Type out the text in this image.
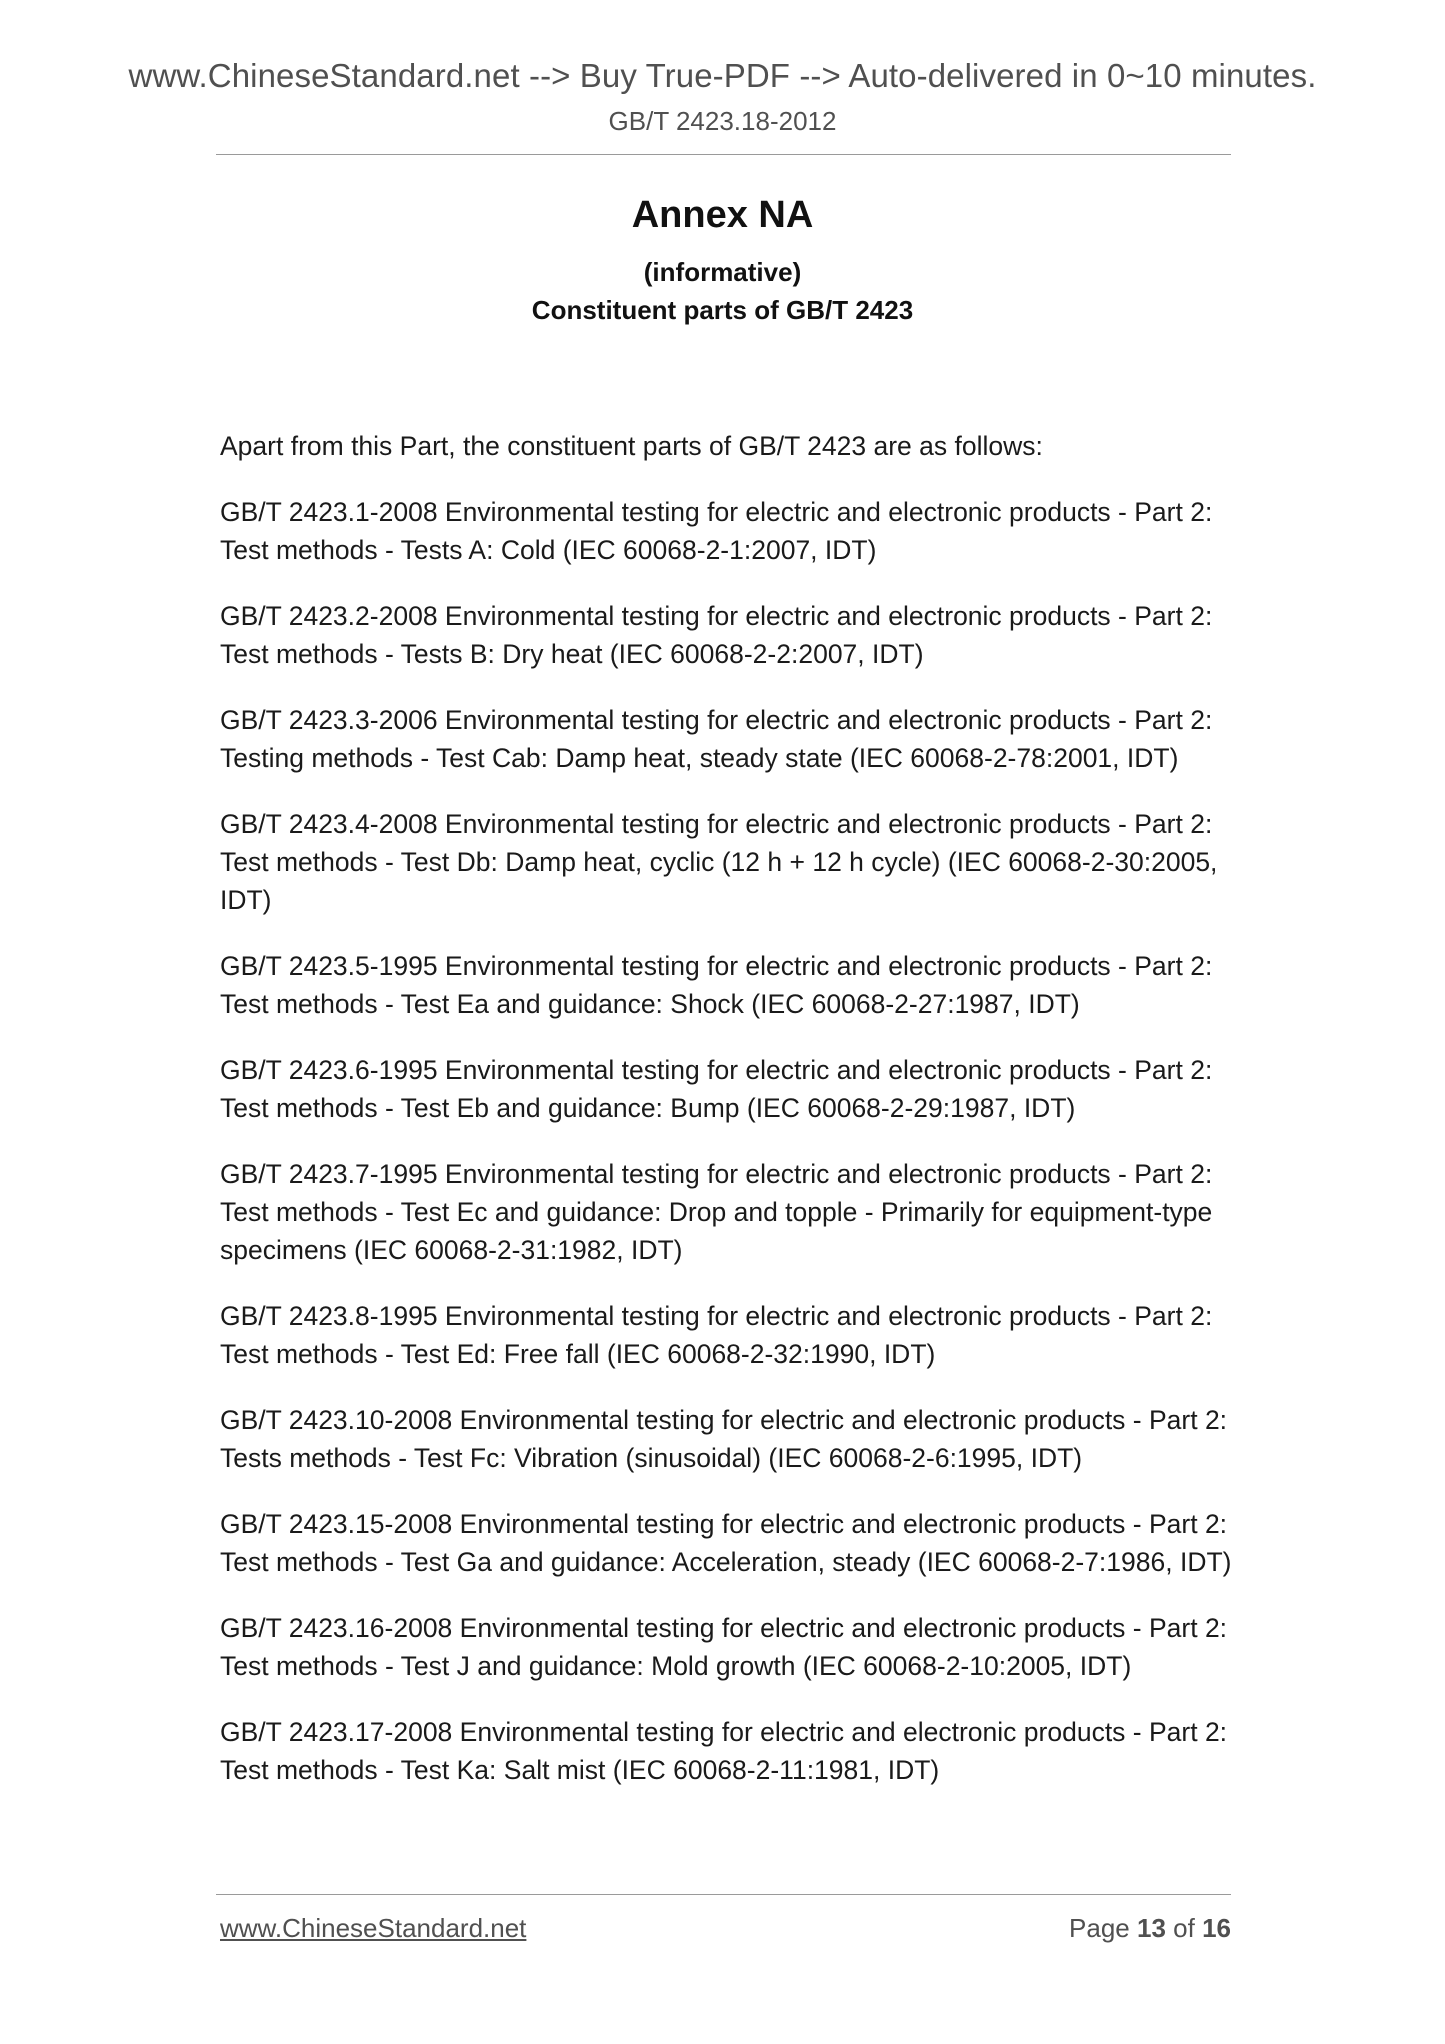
www.ChineseStandard.net --> Buy True-PDF --> Auto-delivered in 0~10 minutes.
GB/T 2423.18-2012
Annex NA
(informative)
Constituent parts of GB/T 2423

Apart from this Part, the constituent parts of GB/T 2423 are as follows:

GB/T 2423.1-2008 Environmental testing for electric and electronic products - Part 2:
Test methods - Tests A: Cold (IEC 60068-2-1:2007, IDT)

GB/T 2423.2-2008 Environmental testing for electric and electronic products - Part 2:
Test methods - Tests B: Dry heat (IEC 60068-2-2:2007, IDT)

GB/T 2423.3-2006 Environmental testing for electric and electronic products - Part 2:
Testing methods - Test Cab: Damp heat, steady state (IEC 60068-2-78:2001, IDT)

GB/T 2423.4-2008 Environmental testing for electric and electronic products - Part 2:
Test methods - Test Db: Damp heat, cyclic (12 h + 12 h cycle) (IEC 60068-2-30:2005,
IDT)

GB/T 2423.5-1995 Environmental testing for electric and electronic products - Part 2:
Test methods - Test Ea and guidance: Shock (IEC 60068-2-27:1987, IDT)

GB/T 2423.6-1995 Environmental testing for electric and electronic products - Part 2:
Test methods - Test Eb and guidance: Bump (IEC 60068-2-29:1987, IDT)

GB/T 2423.7-1995 Environmental testing for electric and electronic products - Part 2:
Test methods - Test Ec and guidance: Drop and topple - Primarily for equipment-type
specimens (IEC 60068-2-31:1982, IDT)

GB/T 2423.8-1995 Environmental testing for electric and electronic products - Part 2:
Test methods - Test Ed: Free fall (IEC 60068-2-32:1990, IDT)

GB/T 2423.10-2008 Environmental testing for electric and electronic products - Part 2:
Tests methods - Test Fc: Vibration (sinusoidal) (IEC 60068-2-6:1995, IDT)

GB/T 2423.15-2008 Environmental testing for electric and electronic products - Part 2:
Test methods - Test Ga and guidance: Acceleration, steady (IEC 60068-2-7:1986, IDT)

GB/T 2423.16-2008 Environmental testing for electric and electronic products - Part 2:
Test methods - Test J and guidance: Mold growth (IEC 60068-2-10:2005, IDT)

GB/T 2423.17-2008 Environmental testing for electric and electronic products - Part 2:
Test methods - Test Ka: Salt mist (IEC 60068-2-11:1981, IDT)

www.ChineseStandard.net	Page 13 of 16
